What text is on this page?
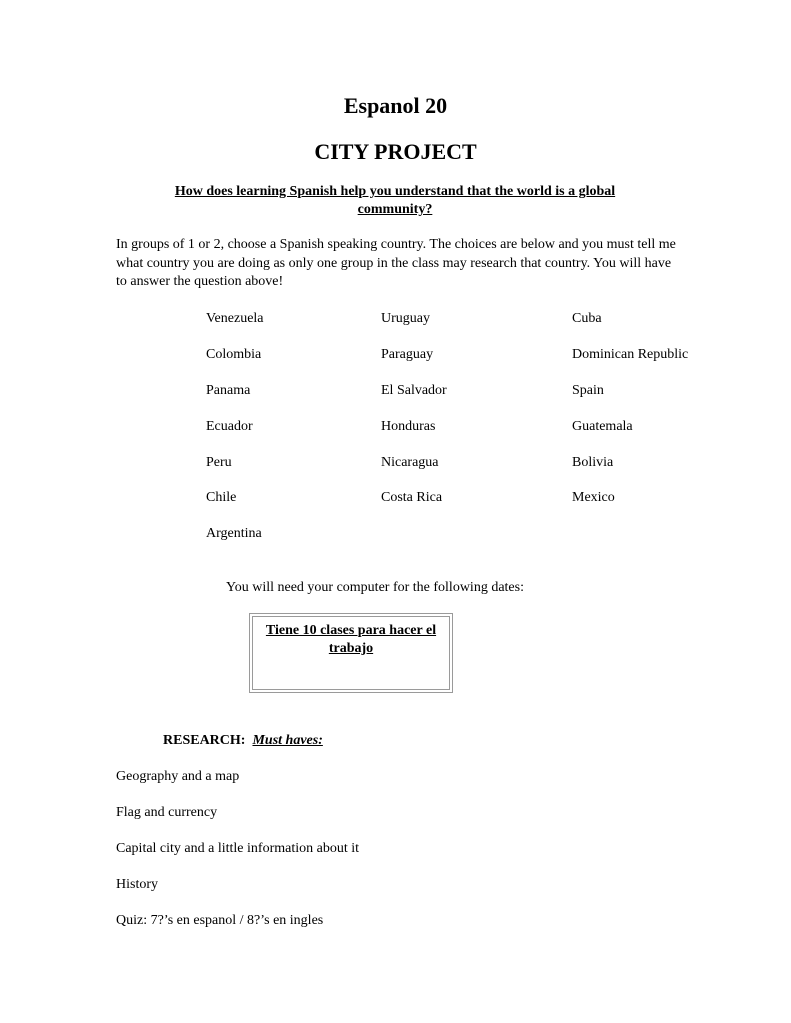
Espanol 20
CITY PROJECT
How does learning Spanish help you understand that the world is a global community?
In groups of 1 or 2, choose a Spanish speaking country. The choices are below and you must tell me what country you are doing as only one group in the class may research that country. You will have to answer the question above!
Venezuela
Colombia
Panama
Ecuador
Peru
Chile
Argentina
Uruguay
Paraguay
El Salvador
Honduras
Nicaragua
Costa Rica
Cuba
Dominican Republic
Spain
Guatemala
Bolivia
Mexico
You will need your computer for the following dates:
Tiene 10 clases para hacer el trabajo
RESEARCH: Must haves:
Geography and a map
Flag and currency
Capital city and a little information about it
History
Quiz: 7?’s en espanol / 8?’s en ingles
